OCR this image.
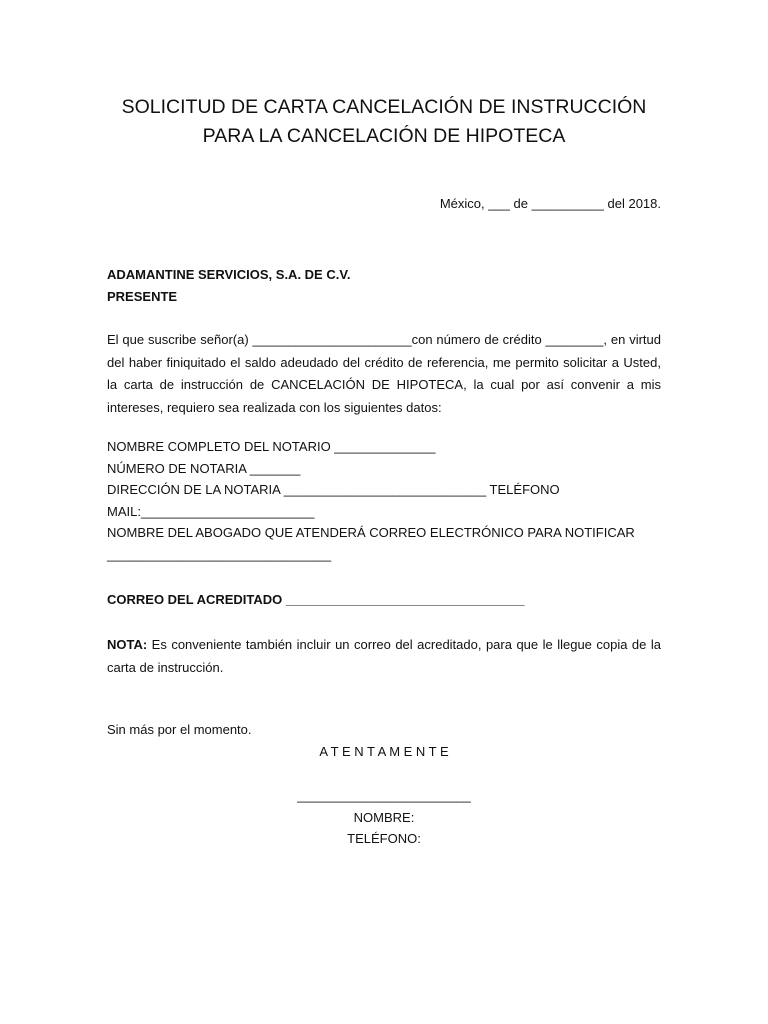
SOLICITUD DE CARTA CANCELACIÓN DE INSTRUCCIÓN
PARA LA CANCELACIÓN DE HIPOTECA
México, ___ de __________ del 2018.
ADAMANTINE SERVICIOS, S.A. DE C.V.
PRESENTE
El que suscribe señor(a) ______________________con número de crédito ________, en virtud del haber finiquitado el saldo adeudado del crédito de referencia, me permito solicitar a Usted, la carta de instrucción de CANCELACIÓN DE HIPOTECA, la cual por así convenir a mis intereses, requiero sea realizada con los siguientes datos:
NOMBRE COMPLETO DEL NOTARIO ______________
NÚMERO DE NOTARIA _______
DIRECCIÓN DE LA NOTARIA ____________________________ TELÉFONO
MAIL:________________________
NOMBRE DEL ABOGADO QUE ATENDERÁ CORREO ELECTRÓNICO PARA NOTIFICAR
_______________________________
CORREO DEL ACREDITADO _________________________________
NOTA: Es conveniente también incluir un correo del acreditado, para que le llegue copia de la carta de instrucción.
Sin más por el momento.
A T E N T A M E N T E
________________________
NOMBRE:
TELÉFONO:
